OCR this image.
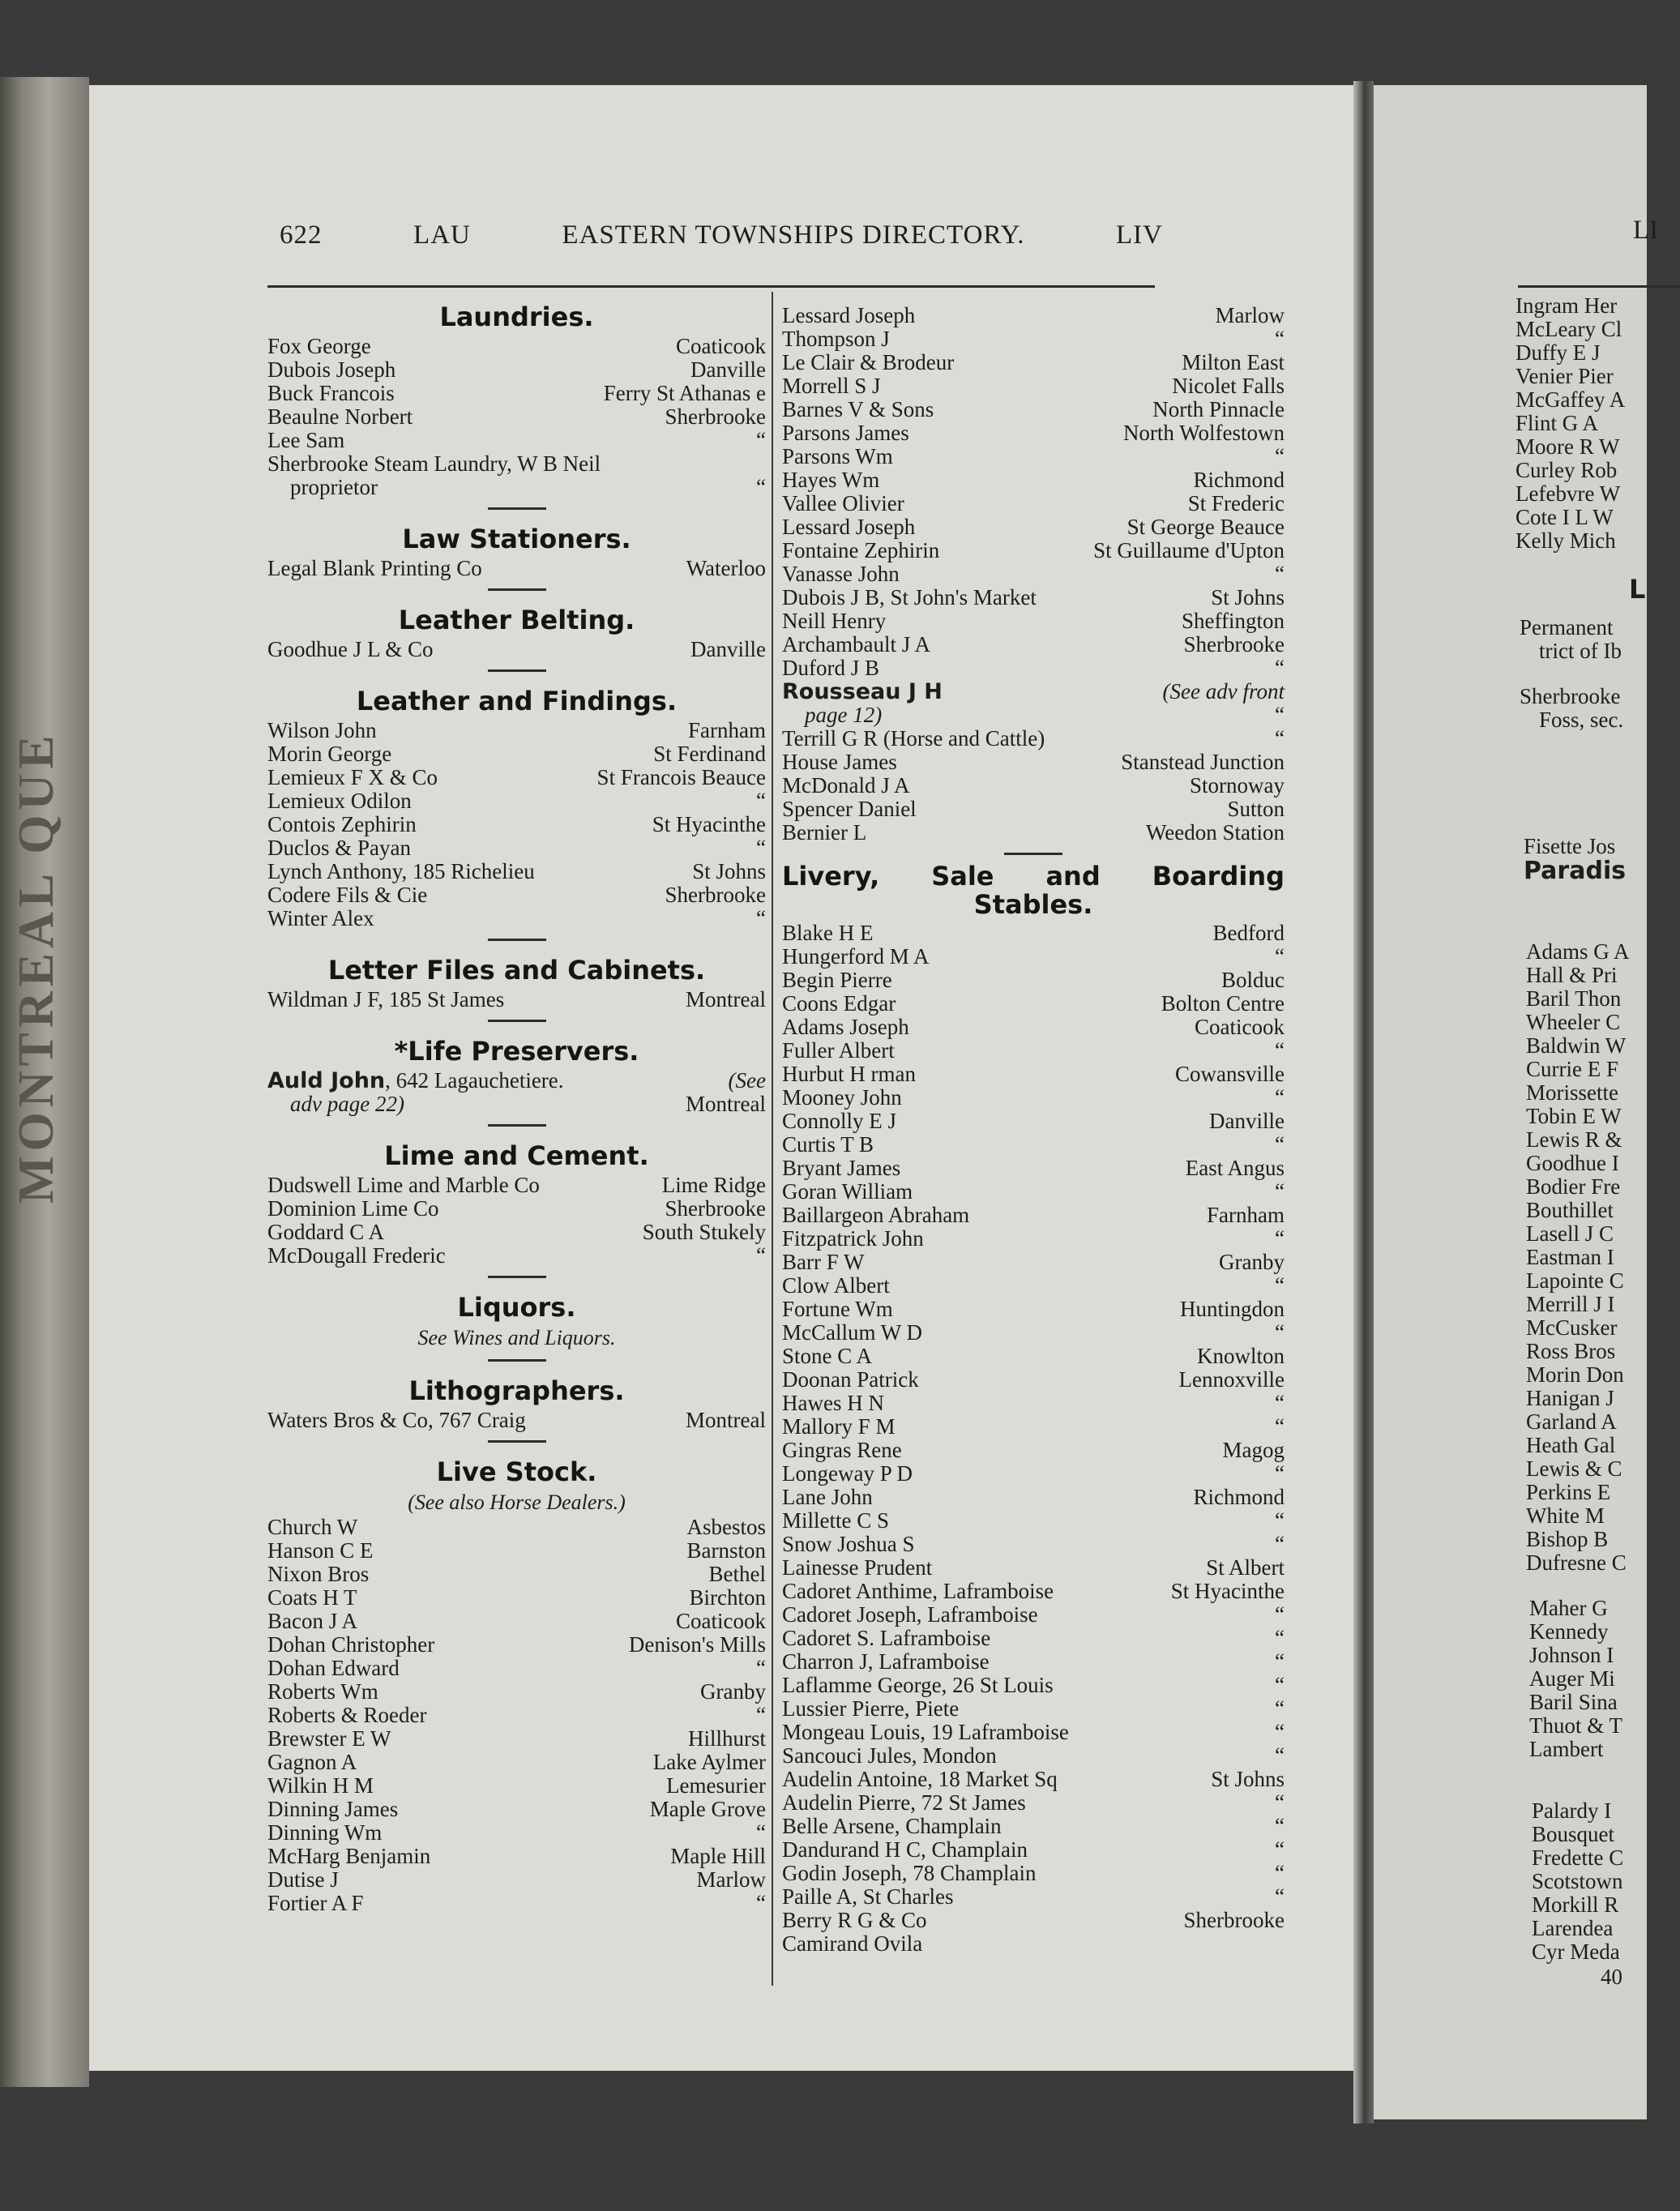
MONTREAL QUE
622	LAU	EASTERN TOWNSHIPS DIRECTORY.	LIV
Laundries.
Fox George	Coaticook
Dubois Joseph	Danville
Buck Francois	Ferry St Athanas e
Beaulne Norbert	Sherbrooke
Lee Sam	“
Sherbrooke Steam Laundry, W B Neil
proprietor	“
Law Stationers.
Legal Blank Printing Co	Waterloo
Leather Belting.
Goodhue J L & Co	Danville
Leather and Findings.
Wilson John	Farnham
Morin George	St Ferdinand
Lemieux F X & Co	St Francois Beauce
Lemieux Odilon	“
Contois Zephirin	St Hyacinthe
Duclos & Payan	“
Lynch Anthony, 185 Richelieu	St Johns
Codere Fils & Cie	Sherbrooke
Winter Alex	“
Letter Files and Cabinets.
Wildman J F, 185 St James	Montreal
*Life Preservers.
Auld John, 642 Lagauchetiere.	(See
adv page 22)	Montreal
Lime and Cement.
Dudswell Lime and Marble Co	Lime Ridge
Dominion Lime Co	Sherbrooke
Goddard C A	South Stukely
McDougall Frederic	“
Liquors.
See Wines and Liquors.
Lithographers.
Waters Bros & Co, 767 Craig	Montreal
Live Stock.
(See also Horse Dealers.)
Church W	Asbestos
Hanson C E	Barnston
Nixon Bros	Bethel
Coats H T	Birchton
Bacon J A	Coaticook
Dohan Christopher	Denison's Mills
Dohan Edward	“
Roberts Wm	Granby
Roberts & Roeder	“
Brewster E W	Hillhurst
Gagnon A	Lake Aylmer
Wilkin H M	Lemesurier
Dinning James	Maple Grove
Dinning Wm	“
McHarg Benjamin	Maple Hill
Dutise J	Marlow
Fortier A F	“
Lessard Joseph	Marlow
Thompson J	“
Le Clair & Brodeur	Milton East
Morrell S J	Nicolet Falls
Barnes V & Sons	North Pinnacle
Parsons James	North Wolfestown
Parsons Wm	“
Hayes Wm	Richmond
Vallee Olivier	St Frederic
Lessard Joseph	St George Beauce
Fontaine Zephirin	St Guillaume d'Upton
Vanasse John	“
Dubois J B, St John's Market	St Johns
Neill Henry	Sheffington
Archambault J A	Sherbrooke
Duford J B	“
Rousseau J H	(See adv front
page 12)	“
Terrill G R (Horse and Cattle)	“
House James	Stanstead Junction
McDonald J A	Stornoway
Spencer Daniel	Sutton
Bernier L	Weedon Station
Livery, Sale and Boarding
Stables.
Blake H E	Bedford
Hungerford M A	“
Begin Pierre	Bolduc
Coons Edgar	Bolton Centre
Adams Joseph	Coaticook
Fuller Albert	“
Hurbut H rman	Cowansville
Mooney John	“
Connolly E J	Danville
Curtis T B	“
Bryant James	East Angus
Goran William	“
Baillargeon Abraham	Farnham
Fitzpatrick John	“
Barr F W	Granby
Clow Albert	“
Fortune Wm	Huntingdon
McCallum W D	“
Stone C A	Knowlton
Doonan Patrick	Lennoxville
Hawes H N	“
Mallory F M	“
Gingras Rene	Magog
Longeway P D	“
Lane John	Richmond
Millette C S	“
Snow Joshua S	“
Lainesse Prudent	St Albert
Cadoret Anthime, Laframboise	St Hyacinthe
Cadoret Joseph, Laframboise	“
Cadoret S. Laframboise	“
Charron J, Laframboise	“
Laflamme George, 26 St Louis	“
Lussier Pierre, Piete	“
Mongeau Louis, 19 Laframboise	“
Sancouci Jules, Mondon	“
Audelin Antoine, 18 Market Sq	St Johns
Audelin Pierre, 72 St James	“
Belle Arsene, Champlain	“
Dandurand H C, Champlain	“
Godin Joseph, 78 Champlain	“
Paille A, St Charles	“
Berry R G & Co	Sherbrooke
Camirand Ovila
LI
Ingram Her
McLeary Cl
Duffy E J
Venier Pier
McGaffey A
Flint G A
Moore R W
Curley Rob
Lefebvre W
Cote I L W
Kelly Mich
L
Permanent
trict of Ib
Sherbrooke
Foss, sec.
Fisette Jos
Paradis
Adams G A
Hall & Pri
Baril Thon
Wheeler C
Baldwin W
Currie E F
Morissette
Tobin E W
Lewis R &
Goodhue I
Bodier Fre
Bouthillet
Lasell J C
Eastman I
Lapointe C
Merrill J I
McCusker
Ross Bros
Morin Don
Hanigan J
Garland A
Heath Gal
Lewis & C
Perkins E
White M
Bishop B
Dufresne C
Maher G
Kennedy
Johnson I
Auger Mi
Baril Sina
Thuot & T
Lambert
Palardy I
Bousquet
Fredette C
Scotstown
Morkill R
Larendea
Cyr Meda
40
